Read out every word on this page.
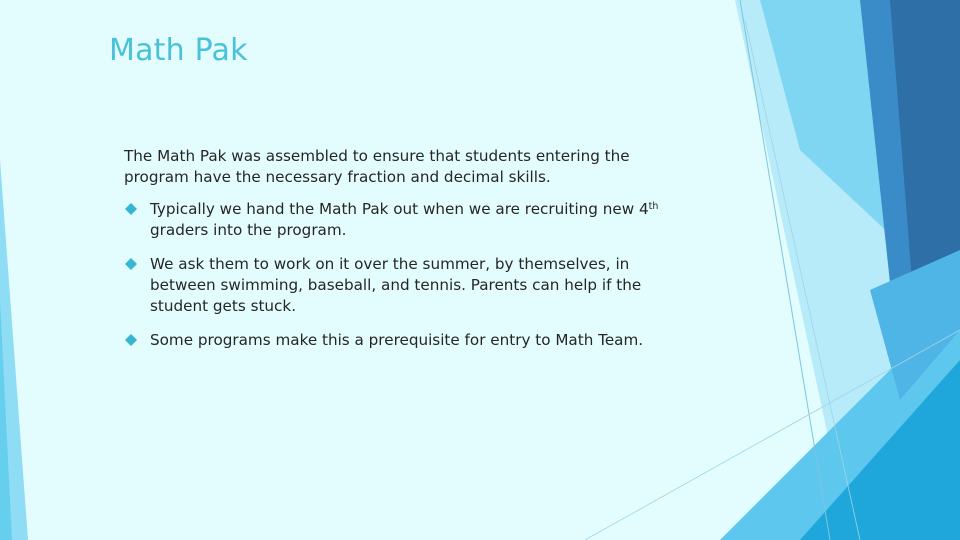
Math Pak

The Math Pak was assembled to ensure that students entering the program have the necessary fraction and decimal skills.

Typically we hand the Math Pak out when we are recruiting new 4th graders into the program.
We ask them to work on it over the summer, by themselves, in between swimming, baseball, and tennis. Parents can help if the student gets stuck.
Some programs make this a prerequisite for entry to Math Team.
